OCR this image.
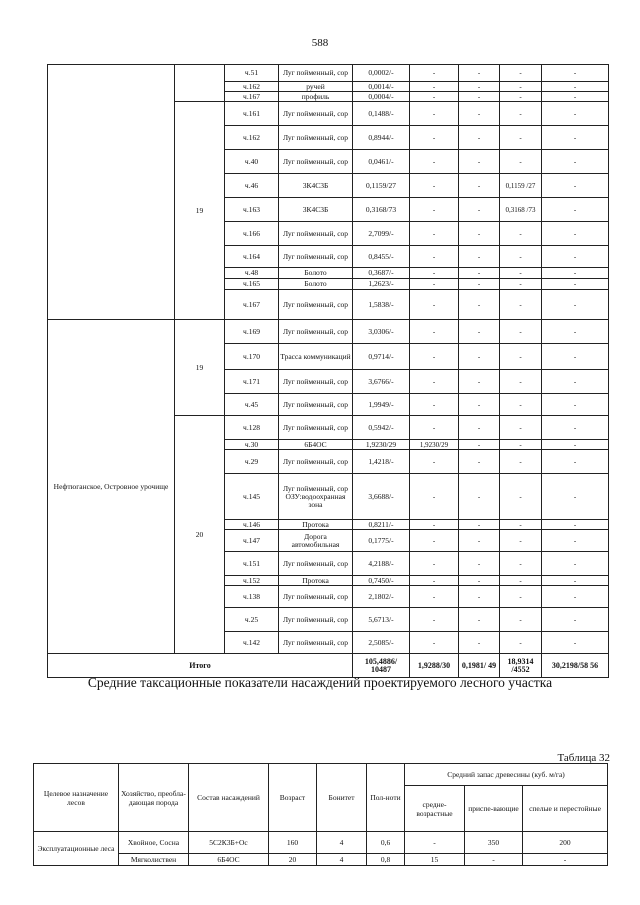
588
		ч.51	Луг пойменный, сор	0,0002/-	-	-	-	-
		ч.162	ручей	0,0014/-	-	-	-	-
		ч.167	профиль	0,0004/-	-	-	-	-
	19	ч.161	Луг пойменный, сор	0,1488/-	-	-	-	-
		ч.162	Луг пойменный, сор	0,8944/-	-	-	-	-
		ч.40	Луг пойменный, сор	0,0461/-	-	-	-	-
		ч.46	3К4С3Б	0,1159/27	-	-	0,1159 /27	-
		ч.163	3К4С3Б	0,3168/73	-	-	0,3168 /73	-
		ч.166	Луг пойменный, сор	2,7099/-	-	-	-	-
		ч.164	Луг пойменный, сор	0,8455/-	-	-	-	-
		ч.48	Болото	0,3687/-	-	-	-	-
		ч.165	Болото	1,2623/-	-	-	-	-
		ч.167	Луг пойменный, сор	1,5838/-	-	-	-	-
Нефтюганское, Островное урочище	19	ч.169	Луг пойменный, сор	3,0306/-	-	-	-	-
		ч.170	Трасса коммуникаций	0,9714/-	-	-	-	-
		ч.171	Луг пойменный, сор	3,6766/-	-	-	-	-
		ч.45	Луг пойменный, сор	1,9949/-	-	-	-	-
	20	ч.128	Луг пойменный, сор	0,5942/-	-	-	-	-
		ч.30	6Б4ОС	1,9230/29	1,9230/29	-	-	-
		ч.29	Луг пойменный, сор	1,4218/-	-	-	-	-
		ч.145	Луг пойменный, сор ОЗУ:водоохранная зона	3,6688/-	-	-	-	-
		ч.146	Протока	0,8211/-	-	-	-	-
		ч.147	Дорога автомобильная	0,1775/-	-	-	-	-
		ч.151	Луг пойменный, сор	4,2188/-	-	-	-	-
		ч.152	Протока	0,7450/-	-	-	-	-
		ч.138	Луг пойменный, сор	2,1802/-	-	-	-	-
		ч.25	Луг пойменный, сор	5,6713/-	-	-	-	-
		ч.142	Луг пойменный, сор	2,5085/-	-	-	-	-
Итого				105,4886/ 10487	1,9288/30	0,1981/ 49	18,9314 /4552	30,2198/58 56
Средние таксационные показатели насаждений проектируемого лесного участка
Таблица 32
Целевое назначение лесов	Хозяйство, преобла-дающая порода	Состав насаждений	Возраст	Бонитет	Пол-ноти	Средний запас древесины (куб. м/га)		
						средне-возрастные	приспе-вающие	спелые и перестойные
Эксплуатационные леса	Хвойное, Сосна	5С2К3Б+Ос	160	4	0,6	-	350	200
	Мягколиствен	6Б4ОС	20	4	0,8	15	-	-
